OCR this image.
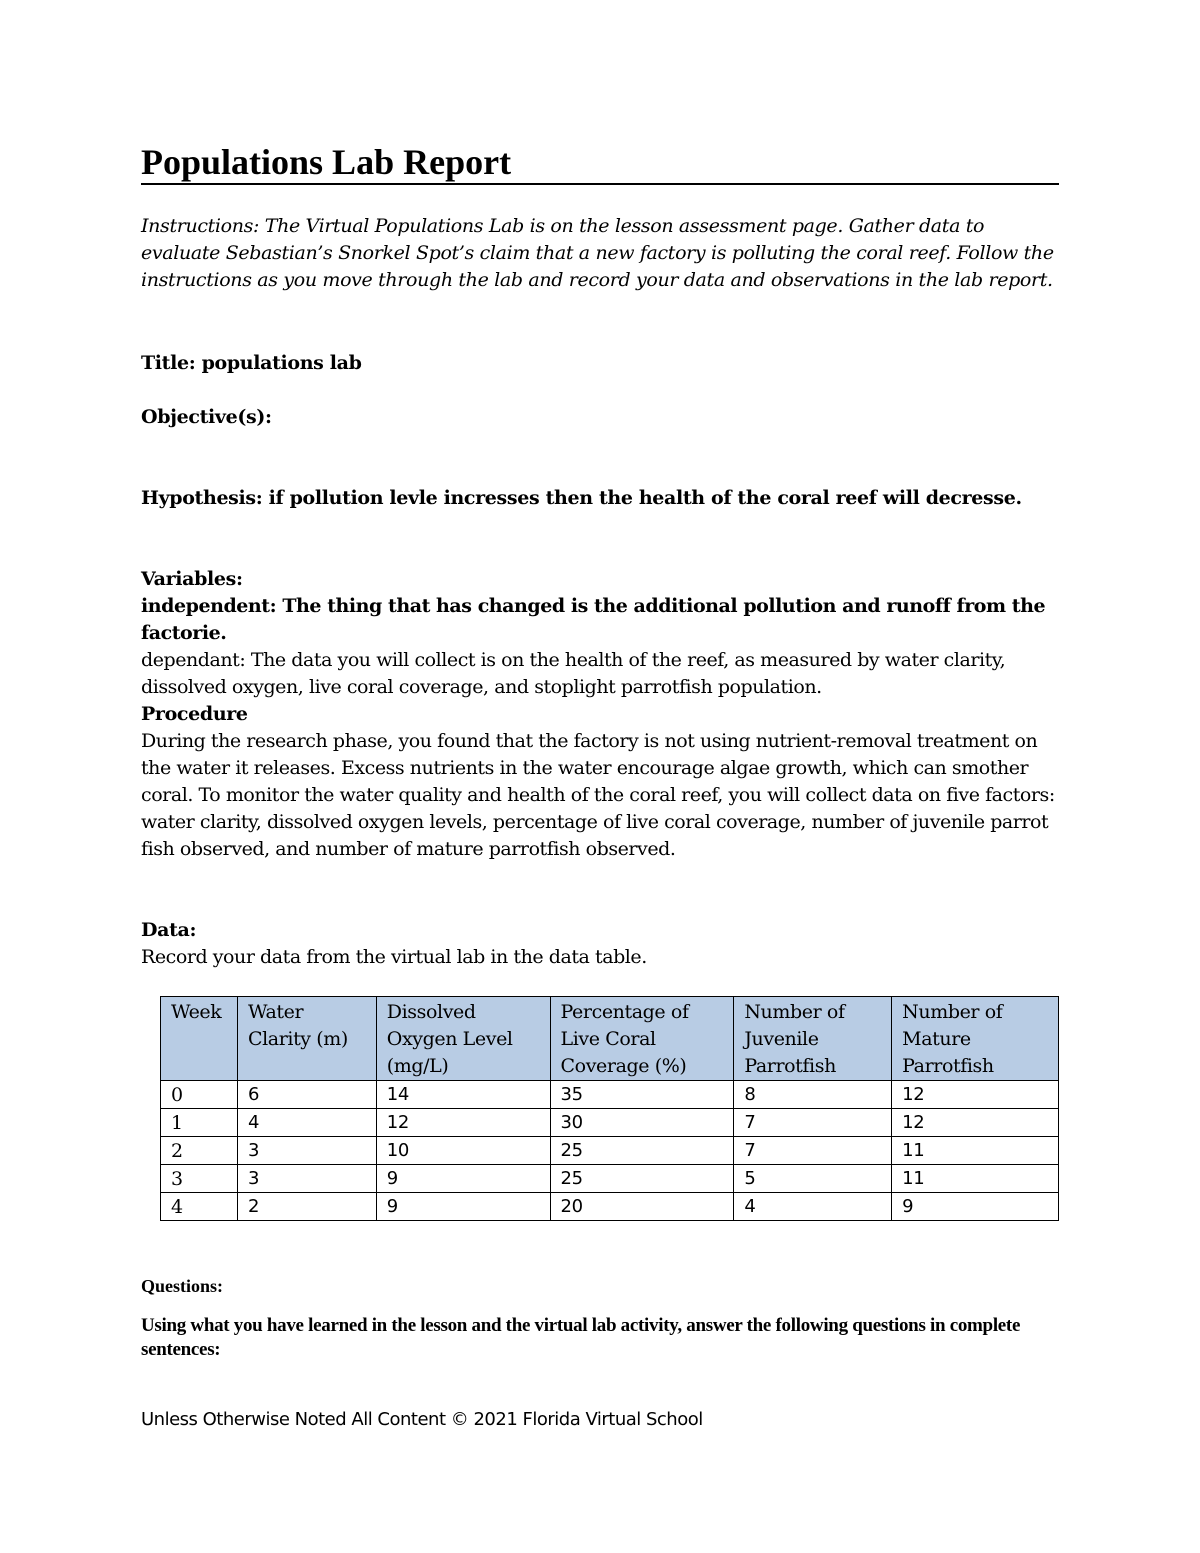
Populations Lab Report

Instructions: The Virtual Populations Lab is on the lesson assessment page. Gather data to evaluate Sebastian’s Snorkel Spot’s claim that a new factory is polluting the coral reef. Follow the instructions as you move through the lab and record your data and observations in the lab report.

Title: populations lab

Objective(s):

Hypothesis: if pollution levle incresses then the health of the coral reef will decresse.

Variables:

independent: The thing that has changed is the additional pollution and runoff from the factorie.

dependant: The data you will collect is on the health of the reef, as measured by water clarity, dissolved oxygen, live coral coverage, and stoplight parrotfish population.

Procedure

During the research phase, you found that the factory is not using nutrient-removal treatment on the water it releases. Excess nutrients in the water encourage algae growth, which can smother coral. To monitor the water quality and health of the coral reef, you will collect data on five factors: water clarity, dissolved oxygen levels, percentage of live coral coverage, number of juvenile parrot fish observed, and number of mature parrotfish observed.

Data:

Record your data from the virtual lab in the data table.

Week	Water Clarity (m)	Dissolved Oxygen Level (mg/L)	Percentage of Live Coral Coverage (%)	Number of Juvenile Parrotfish	Number of Mature Parrotfish
0	6	14	35	8	12
1	4	12	30	7	12
2	3	10	25	7	11
3	3	9	25	5	11
4	2	9	20	4	9

Questions:

Using what you have learned in the lesson and the virtual lab activity, answer the following questions in complete sentences:

Unless Otherwise Noted All Content © 2021 Florida Virtual School
